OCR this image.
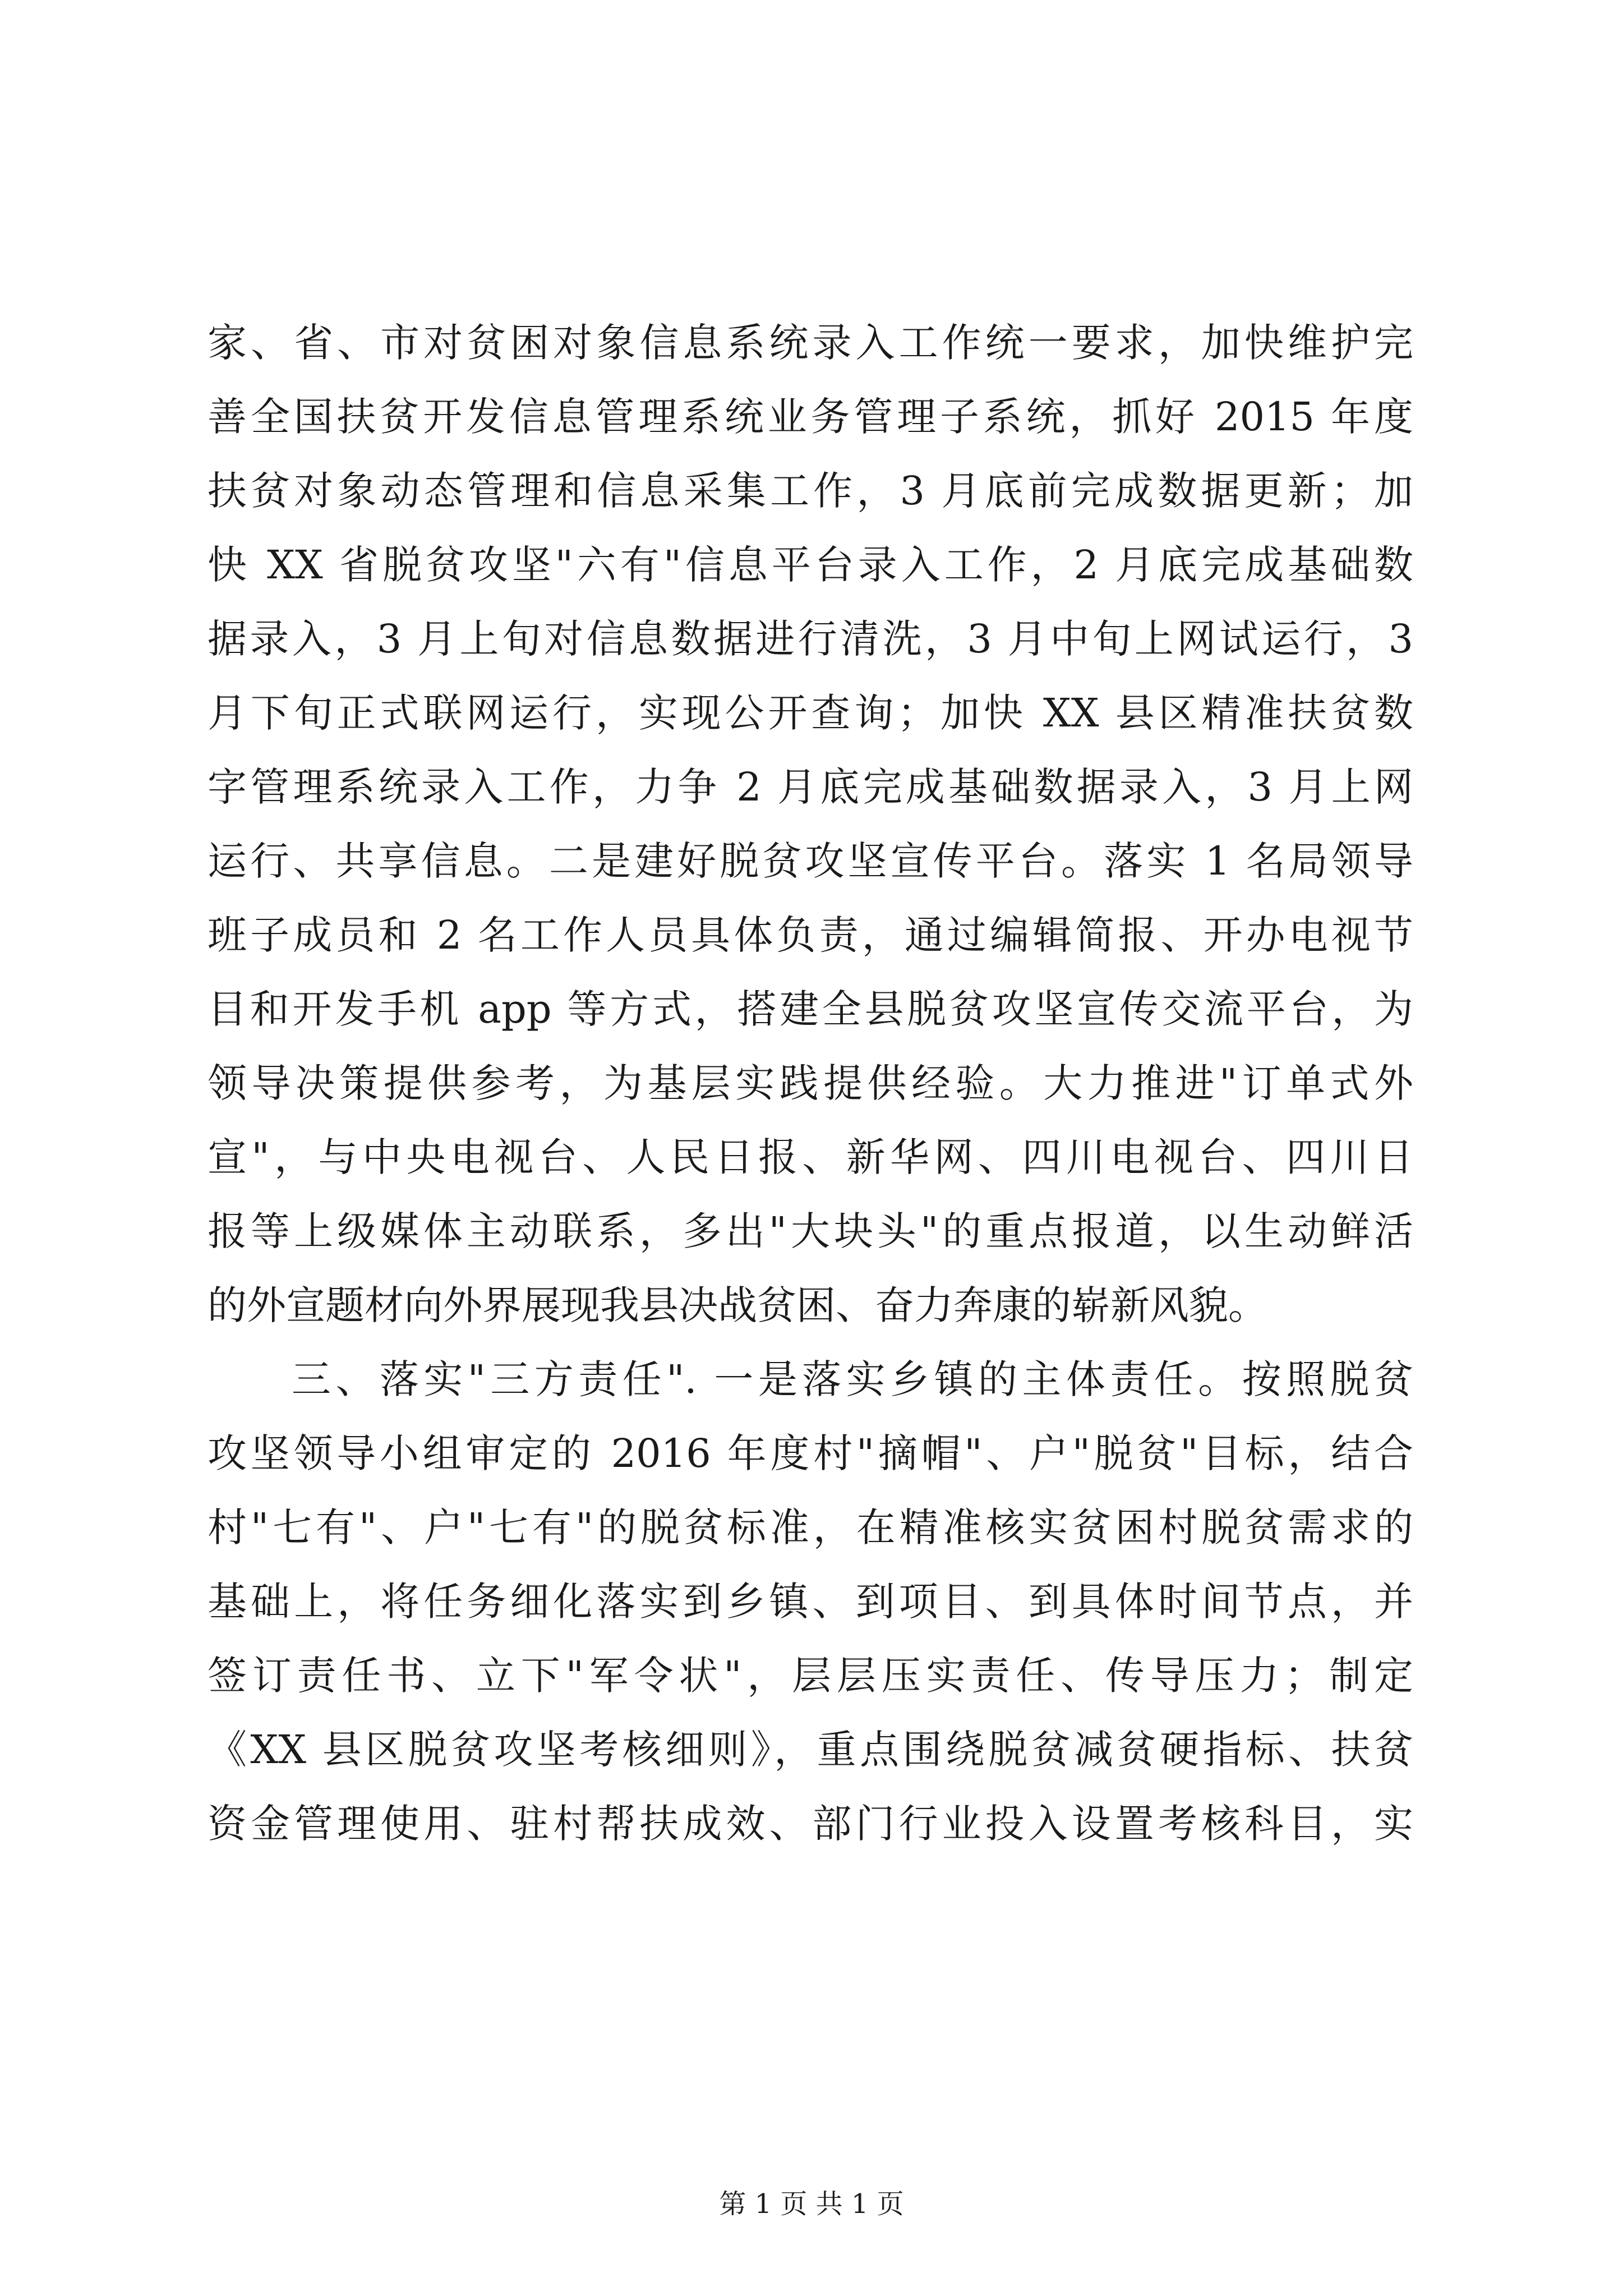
家、省、市对贫困对象信息系统录入工作统一要求，加快维护完
善全国扶贫开发信息管理系统业务管理子系统，抓好 2015 年度
扶贫对象动态管理和信息采集工作，3 月底前完成数据更新；加
快 XX 省脱贫攻坚"六有"信息平台录入工作，2 月底完成基础数
据录入，3 月上旬对信息数据进行清洗，3 月中旬上网试运行，3
月下旬正式联网运行，实现公开查询；加快 XX 县区精准扶贫数
字管理系统录入工作，力争 2 月底完成基础数据录入，3 月上网
运行、共享信息。二是建好脱贫攻坚宣传平台。落实 1 名局领导
班子成员和 2 名工作人员具体负责，通过编辑简报、开办电视节
目和开发手机 app 等方式，搭建全县脱贫攻坚宣传交流平台，为
领导决策提供参考，为基层实践提供经验。大力推进"订单式外
宣"，与中央电视台、人民日报、新华网、四川电视台、四川日
报等上级媒体主动联系，多出"大块头"的重点报道，以生动鲜活
的外宣题材向外界展现我县决战贫困、奋力奔康的崭新风貌。
三、落实"三方责任". 一是落实乡镇的主体责任。按照脱贫
攻坚领导小组审定的 2016 年度村"摘帽"、户"脱贫"目标，结合
村"七有"、户"七有"的脱贫标准，在精准核实贫困村脱贫需求的
基础上，将任务细化落实到乡镇、到项目、到具体时间节点，并
签订责任书、立下"军令状"，层层压实责任、传导压力；制定
《XX 县区脱贫攻坚考核细则》，重点围绕脱贫减贫硬指标、扶贫
资金管理使用、驻村帮扶成效、部门行业投入设置考核科目，实
第 1 页 共 1 页
